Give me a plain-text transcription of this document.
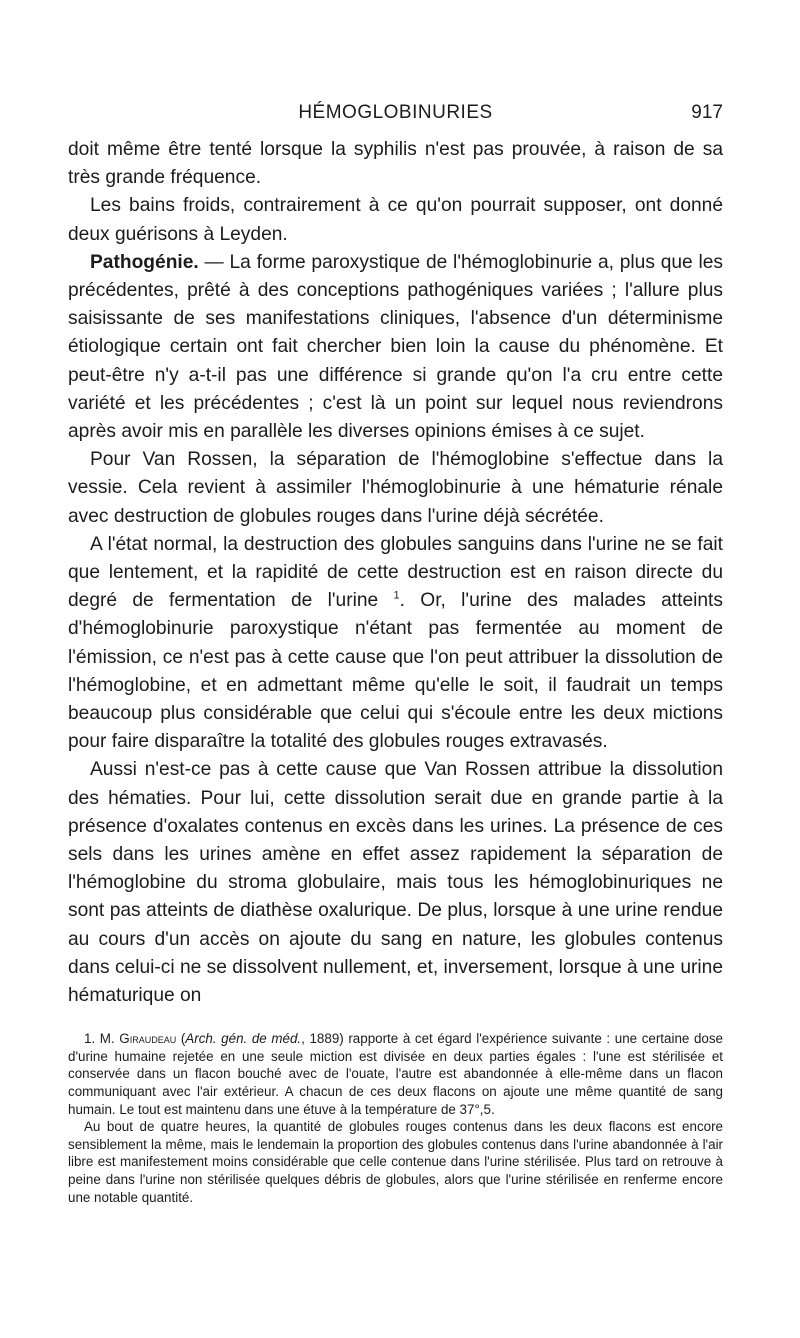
HÉMOGLOBINURIES	917

doit même être tenté lorsque la syphilis n'est pas prouvée, à raison de sa très grande fréquence.

Les bains froids, contrairement à ce qu'on pourrait supposer, ont donné deux guérisons à Leyden.

Pathogénie. — La forme paroxystique de l'hémoglobinurie a, plus que les précédentes, prêté à des conceptions pathogéniques variées ; l'allure plus saisissante de ses manifestations cliniques, l'absence d'un déterminisme étiologique certain ont fait chercher bien loin la cause du phénomène. Et peut-être n'y a-t-il pas une différence si grande qu'on l'a cru entre cette variété et les précédentes ; c'est là un point sur lequel nous reviendrons après avoir mis en parallèle les diverses opinions émises à ce sujet.

Pour Van Rossen, la séparation de l'hémoglobine s'effectue dans la vessie. Cela revient à assimiler l'hémoglobinurie à une hématurie rénale avec destruction de globules rouges dans l'urine déjà sécrétée.

A l'état normal, la destruction des globules sanguins dans l'urine ne se fait que lentement, et la rapidité de cette destruction est en raison directe du degré de fermentation de l'urine $^1$. Or, l'urine des malades atteints d'hémoglobinurie paroxystique n'étant pas fermentée au moment de l'émission, ce n'est pas à cette cause que l'on peut attribuer la dissolution de l'hémoglobine, et en admettant même qu'elle le soit, il faudrait un temps beaucoup plus considérable que celui qui s'écoule entre les deux mictions pour faire disparaître la totalité des globules rouges extravasés.

Aussi n'est-ce pas à cette cause que Van Rossen attribue la dissolution des hématies. Pour lui, cette dissolution serait due en grande partie à la présence d'oxalates contenus en excès dans les urines. La présence de ces sels dans les urines amène en effet assez rapidement la séparation de l'hémoglobine du stroma globulaire, mais tous les hémoglobinuriques ne sont pas atteints de diathèse oxalurique. De plus, lorsque à une urine rendue au cours d'un accès on ajoute du sang en nature, les globules contenus dans celui-ci ne se dissolvent nullement, et, inversement, lorsque à une urine hématurique on

1. M. Giraudeau (Arch. gén. de méd., 1889) rapporte à cet égard l'expérience suivante : une certaine dose d'urine humaine rejetée en une seule miction est divisée en deux parties égales : l'une est stérilisée et conservée dans un flacon bouché avec de l'ouate, l'autre est abandonnée à elle-même dans un flacon communiquant avec l'air extérieur. A chacun de ces deux flacons on ajoute une même quantité de sang humain. Le tout est maintenu dans une étuve à la température de 37°,5.

Au bout de quatre heures, la quantité de globules rouges contenus dans les deux flacons est encore sensiblement la même, mais le lendemain la proportion des globules contenus dans l'urine abandonnée à l'air libre est manifestement moins considérable que celle contenue dans l'urine stérilisée. Plus tard on retrouve à peine dans l'urine non stérilisée quelques débris de globules, alors que l'urine stérilisée en renferme encore une notable quantité.
